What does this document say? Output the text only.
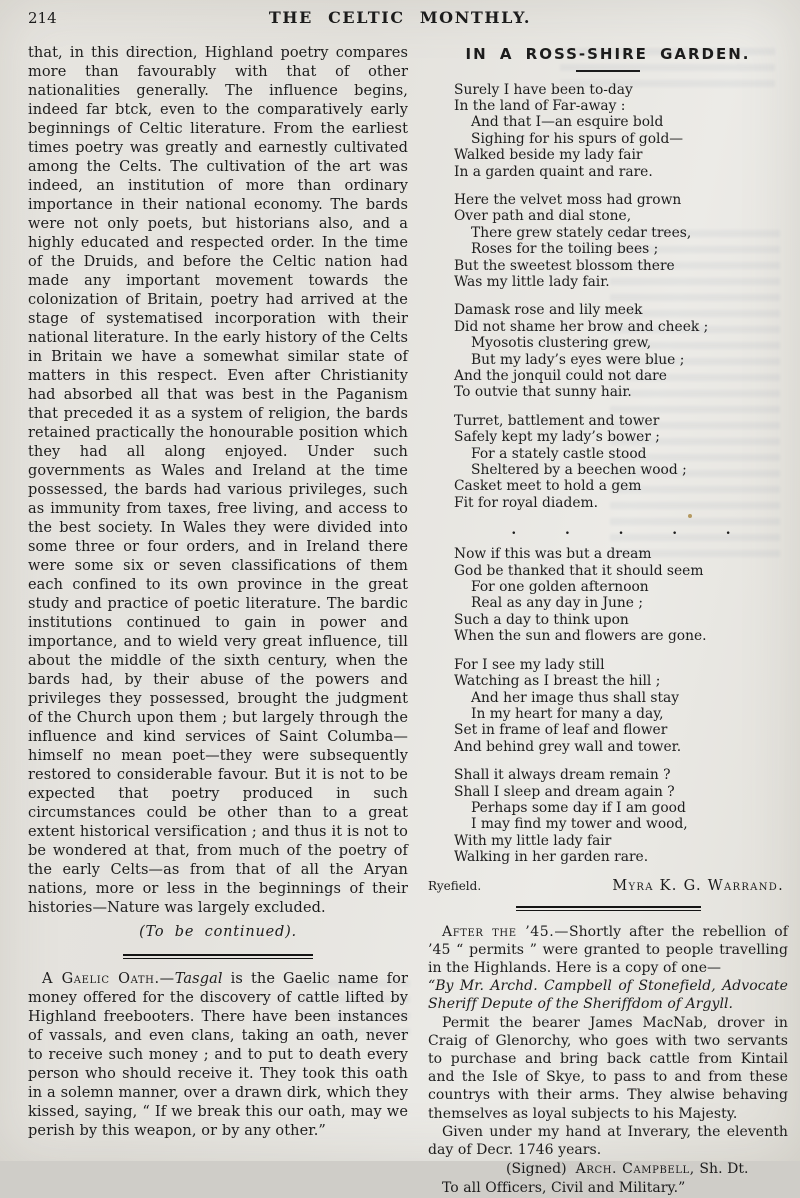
214	THE CELTIC MONTHLY.

that, in this direction, Highland poetry compares more than favourably with that of other nationalities generally. The influence begins, indeed far btck, even to the comparatively early beginnings of Celtic literature. From the earliest times poetry was greatly and earnestly cultivated among the Celts. The cultivation of the art was indeed, an institution of more than ordinary importance in their national economy. The bards were not only poets, but historians also, and a highly educated and respected order. In the time of the Druids, and before the Celtic nation had made any important movement towards the colonization of Britain, poetry had arrived at the stage of systematised incorporation with their national literature. In the early history of the Celts in Britain we have a somewhat similar state of matters in this respect. Even after Christianity had absorbed all that was best in the Paganism that preceded it as a system of religion, the bards retained practically the honourable position which they had all along enjoyed. Under such governments as Wales and Ireland at the time possessed, the bards had various privileges, such as immunity from taxes, free living, and access to the best society. In Wales they were divided into some three or four orders, and in Ireland there were some six or seven classifications of them each confined to its own province in the great study and practice of poetic literature. The bardic institutions continued to gain in power and importance, and to wield very great influence, till about the middle of the sixth century, when the bards had, by their abuse of the powers and privileges they possessed, brought the judgment of the Church upon them ; but largely through the influence and kind services of Saint Columba—himself no mean poet—they were subsequently restored to considerable favour. But it is not to be expected that poetry produced in such circumstances could be other than to a great extent historical versification ; and thus it is not to be wondered at that, from much of the poetry of the early Celts—as from that of all the Aryan nations, more or less in the beginnings of their histories—Nature was largely excluded.

(To be continued).

A Gaelic Oath.—Tasgal is the Gaelic name for money offered for the discovery of cattle lifted by Highland freebooters. There have been instances of vassals, and even clans, taking an oath, never to receive such money ; and to put to death every person who should receive it. They took this oath in a solemn manner, over a drawn dirk, which they kissed, saying, “ If we break this our oath, may we perish by this weapon, or by any other.”

IN A ROSS-SHIRE GARDEN.
Surely I have been to-day
In the land of Far-away :
And that I—an esquire bold
Sighing for his spurs of gold—
Walked beside my lady fair
In a garden quaint and rare.
Here the velvet moss had grown
Over path and dial stone,
There grew stately cedar trees,
Roses for the toiling bees ;
But the sweetest blossom there
Was my little lady fair.
Damask rose and lily meek
Did not shame her brow and cheek ;
Myosotis clustering grew,
But my lady’s eyes were blue ;
And the jonquil could not dare
To outvie that sunny hair.
Turret, battlement and tower
Safely kept my lady’s bower ;
For a stately castle stood
Sheltered by a beechen wood ;
Casket meet to hold a gem
Fit for royal diadem.
. . . . .
Now if this was but a dream
God be thanked that it should seem
For one golden afternoon
Real as any day in June ;
Such a day to think upon
When the sun and flowers are gone.
For I see my lady still
Watching as I breast the hill ;
And her image thus shall stay
In my heart for many a day,
Set in frame of leaf and flower
And behind grey wall and tower.
Shall it always dream remain ?
Shall I sleep and dream again ?
Perhaps some day if I am good
I may find my tower and wood,
With my little lady fair
Walking in her garden rare.
Ryefield.	Myra K. G. Warrand.

After the ’45.—Shortly after the rebellion of ’45 “ permits ” were granted to people travelling in the Highlands. Here is a copy of one—

“By Mr. Archd. Campbell of Stonefield, Advocate Sheriff Depute of the Sheriffdom of Argyll.

Permit the bearer James MacNab, drover in Craig of Glenorchy, who goes with two servants to purchase and bring back cattle from Kintail and the Isle of Skye, to pass to and from these countrys with their arms. They alwise behaving themselves as loyal subjects to his Majesty.

Given under my hand at Inverary, the eleventh day of Decr. 1746 years.

(Signed) Arch. Campbell, Sh. Dt.

To all Officers, Civil and Military.”
